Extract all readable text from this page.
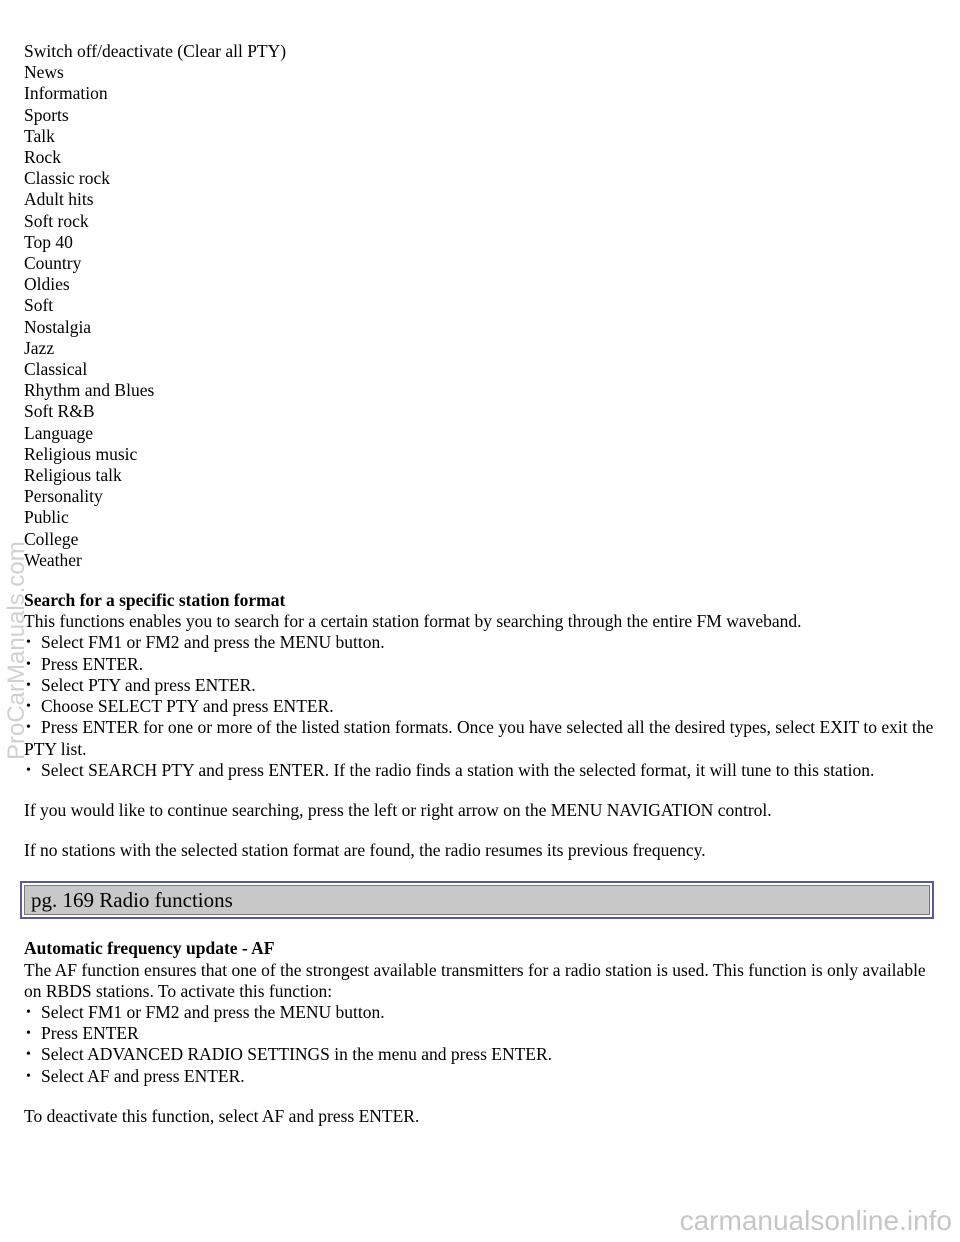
Switch off/deactivate (Clear all PTY)
News
Information
Sports
Talk
Rock
Classic rock
Adult hits
Soft rock
Top 40
Country
Oldies
Soft
Nostalgia
Jazz
Classical
Rhythm and Blues
Soft R&B
Language
Religious music
Religious talk
Personality
Public
College
Weather
Search for a specific station format

This functions enables you to search for a certain station format by searching through the entire FM waveband.

• Select FM1 or FM2 and press the MENU button.
• Press ENTER.
• Select PTY and press ENTER.
• Choose SELECT PTY and press ENTER.
• Press ENTER for one or more of the listed station formats. Once you have selected all the desired types, select EXIT to exit the PTY list.
• Select SEARCH PTY and press ENTER. If the radio finds a station with the selected format, it will tune to this station.

If you would like to continue searching, press the left or right arrow on the MENU NAVIGATION control.

If no stations with the selected station format are found, the radio resumes its previous frequency.

pg. 169 Radio functions
Automatic frequency update - AF

The AF function ensures that one of the strongest available transmitters for a radio station is used. This function is only available on RBDS stations. To activate this function:

• Select FM1 or FM2 and press the MENU button.
• Press ENTER
• Select ADVANCED RADIO SETTINGS in the menu and press ENTER.
• Select AF and press ENTER.

To deactivate this function, select AF and press ENTER.

ProCarManuals.com
carmanualsonline.info
